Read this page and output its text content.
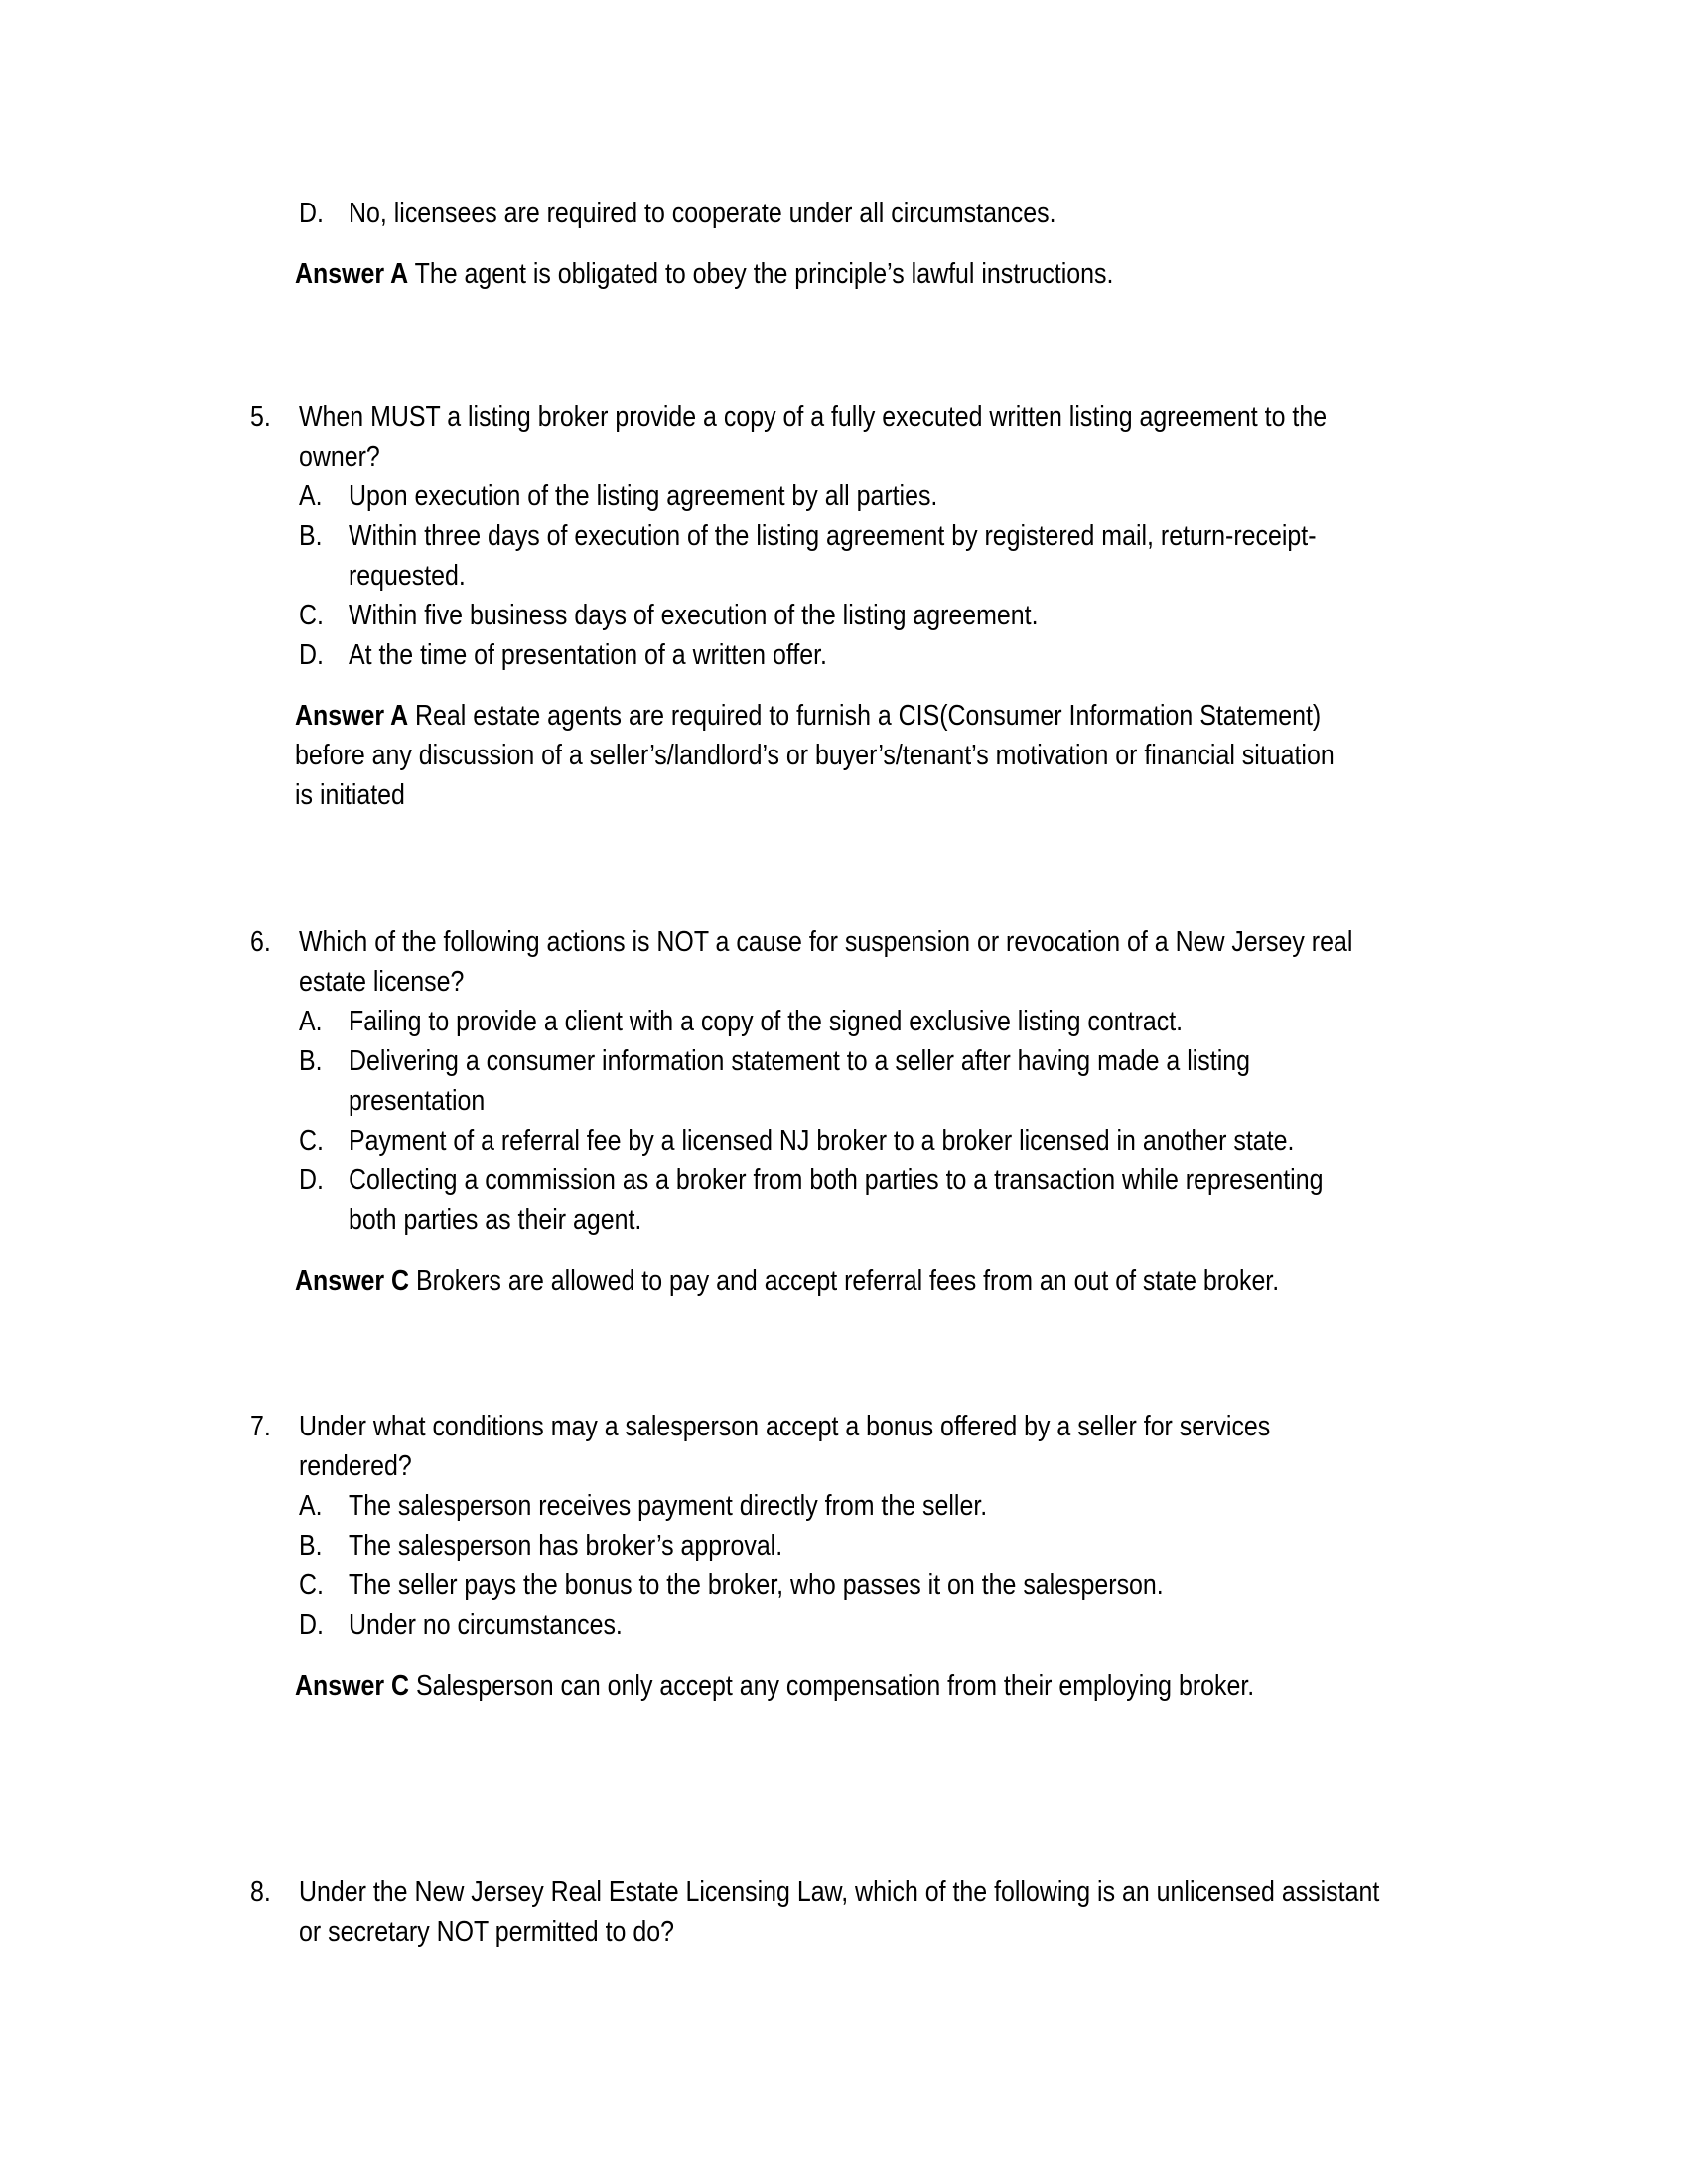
D. No, licensees are required to cooperate under all circumstances.
Answer A The agent is obligated to obey the principle’s lawful instructions.
5. When MUST a listing broker provide a copy of a fully executed written listing agreement to the
owner?
A. Upon execution of the listing agreement by all parties.
B. Within three days of execution of the listing agreement by registered mail, return-receipt-
requested.
C. Within five business days of execution of the listing agreement.
D. At the time of presentation of a written offer.
Answer A Real estate agents are required to furnish a CIS(Consumer Information Statement)
before any discussion of a seller’s/landlord’s or buyer’s/tenant’s motivation or financial situation
is initiated
6. Which of the following actions is NOT a cause for suspension or revocation of a New Jersey real
estate license?
A. Failing to provide a client with a copy of the signed exclusive listing contract.
B. Delivering a consumer information statement to a seller after having made a listing
presentation
C. Payment of a referral fee by a licensed NJ broker to a broker licensed in another state.
D. Collecting a commission as a broker from both parties to a transaction while representing
both parties as their agent.
Answer C Brokers are allowed to pay and accept referral fees from an out of state broker.
7. Under what conditions may a salesperson accept a bonus offered by a seller for services
rendered?
A. The salesperson receives payment directly from the seller.
B. The salesperson has broker’s approval.
C. The seller pays the bonus to the broker, who passes it on the salesperson.
D. Under no circumstances.
Answer C Salesperson can only accept any compensation from their employing broker.
8. Under the New Jersey Real Estate Licensing Law, which of the following is an unlicensed assistant
or secretary NOT permitted to do?
